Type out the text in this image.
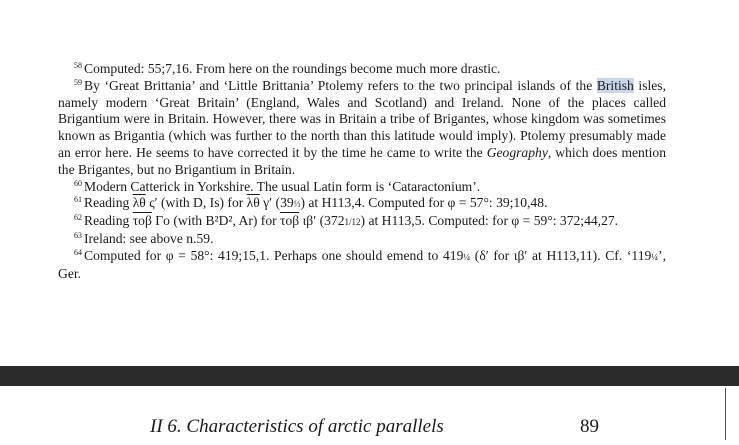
$^{58}$ Computed: 55;7,16. From here on the roundings become much more drastic.

$^{59}$ By ‘Great Brittania’ and ‘Little Brittania’ Ptolemy refers to the two principal islands of the British isles, namely modern ‘Great Britain’ (England, Wales and Scotland) and Ireland. None of the places called Brigantium were in Britain. However, there was in Britain a tribe of Brigantes, whose kingdom was sometimes known as Brigantia (which was further to the north than this latitude would imply). Ptolemy presumably made an error here. He seems to have corrected it by the time he came to write the Geography, which does mention the Brigantes, but no Brigantium in Britain.

$^{60}$ Modern Catterick in Yorkshire. The usual Latin form is ‘Cataractonium’.

$^{61}$ Reading $\overline{\lambda\theta}$ ς′ (with D, Is) for $\overline{\lambda\theta}$ γ′ (39⅓) at H113,4. Computed for φ = 57°: 39;10,48.

$^{62}$ Reading $\overline{\tau o\beta}$ Γο (with B²D², Ar) for $\overline{\tau o\beta}$ ιβ′ (3721/12) at H113,5. Computed: for φ = 59°: 372;44,27.

$^{63}$ Ireland: see above n.59.

$^{64}$ Computed for φ = 58°: 419;15,1. Perhaps one should emend to 419¼ (δ′ for ιβ′ at H113,11). Cf. ‘119¼’, Ger.

II 6. Characteristics of arctic parallels	89
